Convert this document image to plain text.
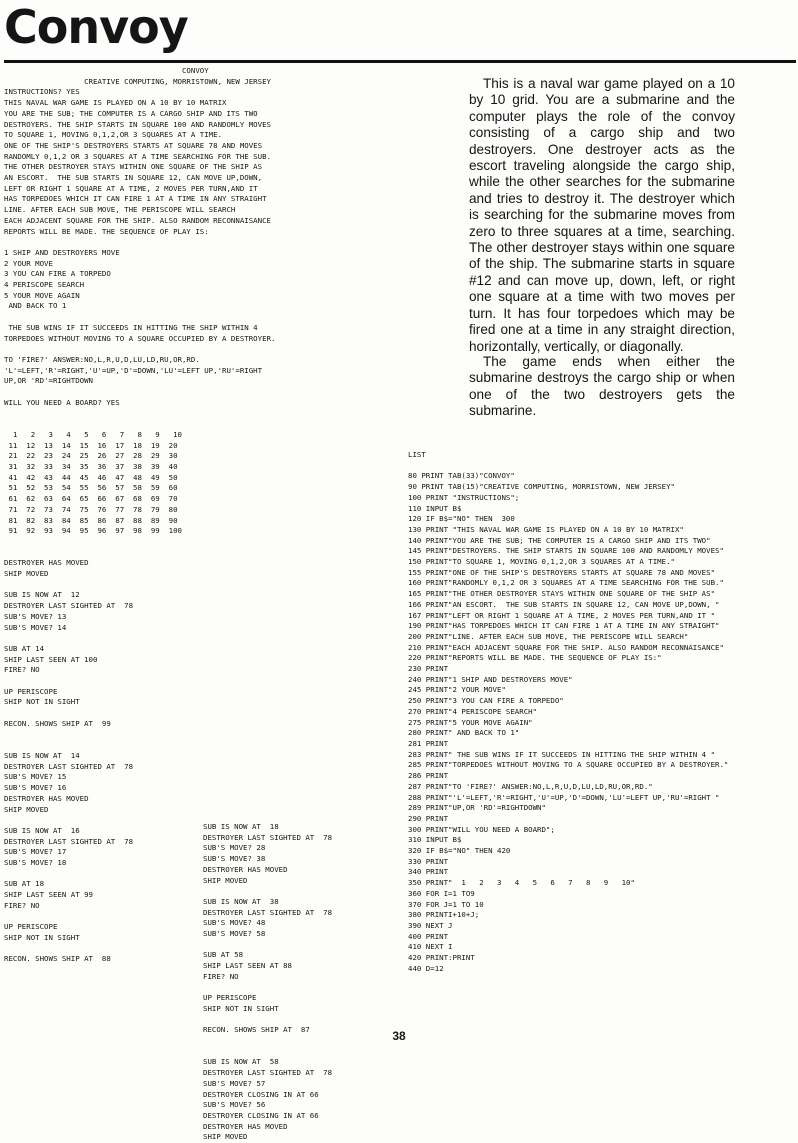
Convoy
CONVOY
CREATIVE COMPUTING, MORRISTOWN, NEW JERSEY
INSTRUCTIONS? YES
THIS NAVAL WAR GAME IS PLAYED ON A 10 BY 10 MATRIX
YOU ARE THE SUB; THE COMPUTER IS A CARGO SHIP AND ITS TWO
DESTROYERS. THE SHIP STARTS IN SQUARE 100 AND RANDOMLY MOVES
TO SQUARE 1, MOVING 0,1,2,OR 3 SQUARES AT A TIME.
ONE OF THE SHIP'S DESTROYERS STARTS AT SQUARE 78 AND MOVES
RANDOMLY 0,1,2 OR 3 SQUARES AT A TIME SEARCHING FOR THE SUB.
THE OTHER DESTROYER STAYS WITHIN ONE SQUARE OF THE SHIP AS
AN ESCORT.  THE SUB STARTS IN SQUARE 12, CAN MOVE UP,DOWN,
LEFT OR RIGHT 1 SQUARE AT A TIME, 2 MOVES PER TURN,AND IT
HAS TORPEDOES WHICH IT CAN FIRE 1 AT A TIME IN ANY STRAIGHT
LINE. AFTER EACH SUB MOVE, THE PERISCOPE WILL SEARCH
EACH ADJACENT SQUARE FOR THE SHIP. ALSO RANDOM RECONNAISANCE
REPORTS WILL BE MADE. THE SEQUENCE OF PLAY IS:

1 SHIP AND DESTROYERS MOVE
2 YOUR MOVE
3 YOU CAN FIRE A TORPEDO
4 PERISCOPE SEARCH
5 YOUR MOVE AGAIN
AND BACK TO 1

THE SUB WINS IF IT SUCCEEDS IN HITTING THE SHIP WITHIN 4
TORPEDOES WITHOUT MOVING TO A SQUARE OCCUPIED BY A DESTROYER.

TO 'FIRE?' ANSWER:NO,L,R,U,D,LU,LD,RU,OR,RD.
'L'=LEFT,'R'=RIGHT,'U'=UP,'D'=DOWN,'LU'=LEFT UP,'RU'=RIGHT
UP,OR 'RD'=RIGHTDOWN

WILL YOU NEED A BOARD? YES

1   2   3   4   5   6   7   8   9   10
11  12  13  14  15  16  17  18  19  20
21  22  23  24  25  26  27  28  29  30
31  32  33  34  35  36  37  38  39  40
41  42  43  44  45  46  47  48  49  50
51  52  53  54  55  56  57  58  59  60
61  62  63  64  65  66  67  68  69  70
71  72  73  74  75  76  77  78  79  80
81  82  83  84  85  86  87  88  89  90
91  92  93  94  95  96  97  98  99  100

DESTROYER HAS MOVED
SHIP MOVED

SUB IS NOW AT  12
DESTROYER LAST SIGHTED AT  78
SUB'S MOVE? 13
SUB'S MOVE? 14

SUB AT 14
SHIP LAST SEEN AT 100
FIRE? NO

UP PERISCOPE
SHIP NOT IN SIGHT

RECON. SHOWS SHIP AT  99

SUB IS NOW AT  14
DESTROYER LAST SIGHTED AT  78
SUB'S MOVE? 15
SUB'S MOVE? 16
DESTROYER HAS MOVED
SHIP MOVED

SUB IS NOW AT  16
DESTROYER LAST SIGHTED AT  78
SUB'S MOVE? 17
SUB'S MOVE? 18

SUB AT 18
SHIP LAST SEEN AT 99
FIRE? NO

UP PERISCOPE
SHIP NOT IN SIGHT

RECON. SHOWS SHIP AT  88
SUB IS NOW AT  18
DESTROYER LAST SIGHTED AT  78
SUB'S MOVE? 28
SUB'S MOVE? 38
DESTROYER HAS MOVED
SHIP MOVED

SUB IS NOW AT  38
DESTROYER LAST SIGHTED AT  78
SUB'S MOVE? 48
SUB'S MOVE? 58

SUB AT 58
SHIP LAST SEEN AT 88
FIRE? NO

UP PERISCOPE
SHIP NOT IN SIGHT

RECON. SHOWS SHIP AT  87

SUB IS NOW AT  58
DESTROYER LAST SIGHTED AT  78
SUB'S MOVE? 57
DESTROYER CLOSING IN AT 66
SUB'S MOVE? 56
DESTROYER CLOSING IN AT 66
DESTROYER HAS MOVED
SHIP MOVED

This is a naval war game played on a 10 by 10 grid. You are a submarine and the computer plays the role of the convoy consisting of a cargo ship and two destroyers. One destroyer acts as the escort traveling alongside the cargo ship, while the other searches for the submarine and tries to destroy it. The destroyer which is searching for the submarine moves from zero to three squares at a time, searching. The other destroyer stays within one square of the ship. The submarine starts in square #12 and can move up, down, left, or right one square at a time with two moves per turn. It has four torpedoes which may be fired one at a time in any straight direction, horizontally, vertically, or diagonally.

The game ends when either the submarine destroys the cargo ship or when one of the two destroyers gets the submarine.

LIST

80 PRINT TAB(33)"CONVOY"
90 PRINT TAB(15)"CREATIVE COMPUTING, MORRISTOWN, NEW JERSEY"
100 PRINT "INSTRUCTIONS";
110 INPUT B$
120 IF B$="NO" THEN  300
130 PRINT "THIS NAVAL WAR GAME IS PLAYED ON A 10 BY 10 MATRIX"
140 PRINT"YOU ARE THE SUB; THE COMPUTER IS A CARGO SHIP AND ITS TWO"
145 PRINT"DESTROYERS. THE SHIP STARTS IN SQUARE 100 AND RANDOMLY MOVES"
150 PRINT"TO SQUARE 1, MOVING 0,1,2,OR 3 SQUARES AT A TIME."
155 PRINT"ONE OF THE SHIP'S DESTROYERS STARTS AT SQUARE 78 AND MOVES"
160 PRINT"RANDOMLY 0,1,2 OR 3 SQUARES AT A TIME SEARCHING FOR THE SUB."
165 PRINT"THE OTHER DESTROYER STAYS WITHIN ONE SQUARE OF THE SHIP AS"
166 PRINT"AN ESCORT.  THE SUB STARTS IN SQUARE 12, CAN MOVE UP,DOWN, "
167 PRINT"LEFT OR RIGHT 1 SQUARE AT A TIME, 2 MOVES PER TURN,AND IT "
190 PRINT"HAS TORPEDOES WHICH IT CAN FIRE 1 AT A TIME IN ANY STRAIGHT"
200 PRINT"LINE. AFTER EACH SUB MOVE, THE PERISCOPE WILL SEARCH"
210 PRINT"EACH ADJACENT SQUARE FOR THE SHIP. ALSO RANDOM RECONNAISANCE"
220 PRINT"REPORTS WILL BE MADE. THE SEQUENCE OF PLAY IS:"
230 PRINT
240 PRINT"1 SHIP AND DESTROYERS MOVE"
245 PRINT"2 YOUR MOVE"
250 PRINT"3 YOU CAN FIRE A TORPEDO"
270 PRINT"4 PERISCOPE SEARCH"
275 PRINT"5 YOUR MOVE AGAIN"
280 PRINT" AND BACK TO 1"
281 PRINT
283 PRINT" THE SUB WINS IF IT SUCCEEDS IN HITTING THE SHIP WITHIN 4 "
285 PRINT"TORPEDOES WITHOUT MOVING TO A SQUARE OCCUPIED BY A DESTROYER."
286 PRINT
287 PRINT"TO 'FIRE?' ANSWER:NO,L,R,U,D,LU,LD,RU,OR,RD."
288 PRINT"'L'=LEFT,'R'=RIGHT,'U'=UP,'D'=DOWN,'LU'=LEFT UP,'RU'=RIGHT "
289 PRINT"UP,OR 'RD'=RIGHTDOWN"
290 PRINT
300 PRINT"WILL YOU NEED A BOARD";
310 INPUT B$
320 IF B$="NO" THEN 420
330 PRINT
340 PRINT
350 PRINT"  1   2   3   4   5   6   7   8   9   10"
360 FOR I=1 TO9
370 FOR J=1 TO 10
380 PRINTI+10+J;
390 NEXT J
400 PRINT
410 NEXT I
420 PRINT:PRINT
440 D=12
38
